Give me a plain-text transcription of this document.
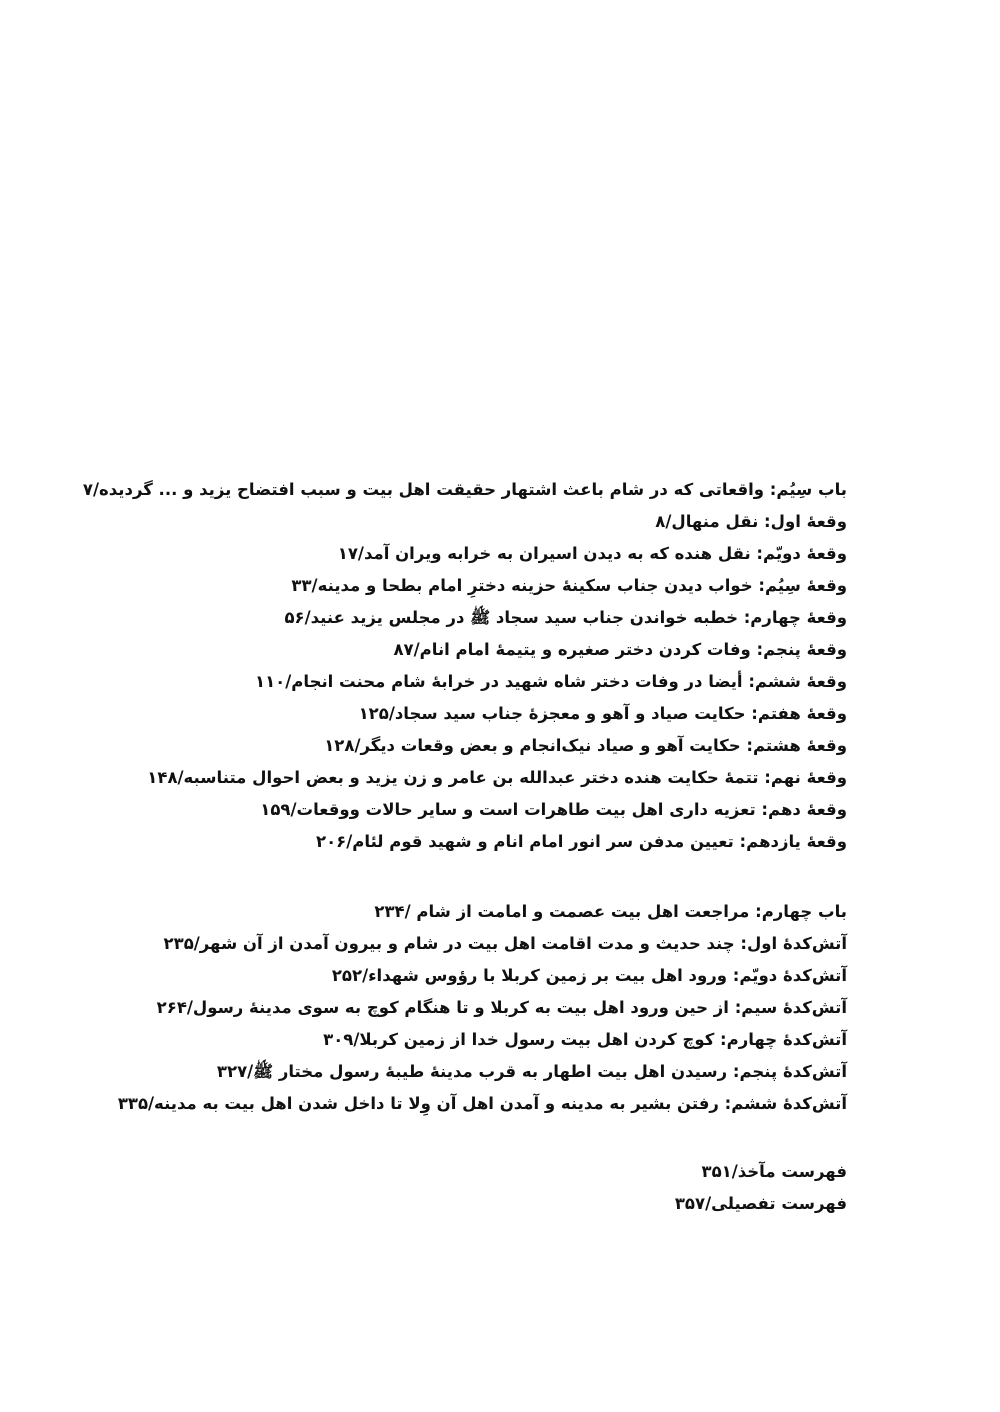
باب سِیُم: واقعاتی که در شام باعث اشتهار حقیقت اهل بیت و سبب افتضاح یزید و ... گردیده/۷
وقعهٔ اول: نقل منهال/۸
وقعهٔ دویّم: نقل هنده که به دیدن اسیران به خرابه ویران آمد/۱۷
وقعهٔ سِیُم: خواب دیدن جناب سکینهٔ حزینه دخترِ امام بطحا و مدینه/۳۳
وقعهٔ چهارم: خطبه خواندن جناب سید سجاد ﷺ در مجلس یزید عنید/۵۶
وقعهٔ پنجم: وفات کردن دختر صغیره و یتیمهٔ امام انام/۸۷
وقعهٔ ششم: أیضا در وفات دختر شاه شهید در خرابهٔ شام محنت انجام/۱۱۰
وقعهٔ هفتم: حکایت صیاد و آهو و معجزهٔ جناب سید سجاد/۱۲۵
وقعهٔ هشتم: حکایت آهو و صیاد نیک‌انجام و بعض وقعات دیگر/۱۲۸
وقعهٔ نهم: تتمهٔ حکایت هنده دختر عبدالله بن عامر و زن یزید و بعض احوال متناسبه/۱۴۸
وقعهٔ دهم: تعزیه داری اهل بیت طاهرات است و سایر حالات ووقعات/۱۵۹
وقعهٔ یازدهم: تعیین مدفن سر انور امام انام و شهید قوم لئام/۲۰۶
باب چهارم: مراجعت اهل بیت عصمت و امامت از شام /۲۳۴
آتش‌کدهٔ اول: چند حدیث و مدت اقامت اهل بیت در شام و بیرون آمدن از آن شهر/۲۳۵
آتش‌کدهٔ دویّم: ورود اهل بیت بر زمین کربلا با رؤوس شهداء/۲۵۲
آتش‌کدهٔ سیم: از حین ورود اهل بیت به کربلا و تا هنگام کوچ به سوی مدینهٔ رسول/۲۶۴
آتش‌کدهٔ چهارم: کوچ کردن اهل بیت رسول خدا از زمین کربلا/۳۰۹
آتش‌کدهٔ پنجم: رسیدن اهل بیت اطهار به قرب مدینهٔ طیبهٔ رسول مختار ﷺ/۳۲۷
آتش‌کدهٔ ششم: رفتن بشیر به مدینه و آمدن اهل آن وِلا تا داخل شدن اهل بیت به مدینه/۳۳۵
فهرست مآخذ/۳۵۱
فهرست تفصیلی/۳۵۷
